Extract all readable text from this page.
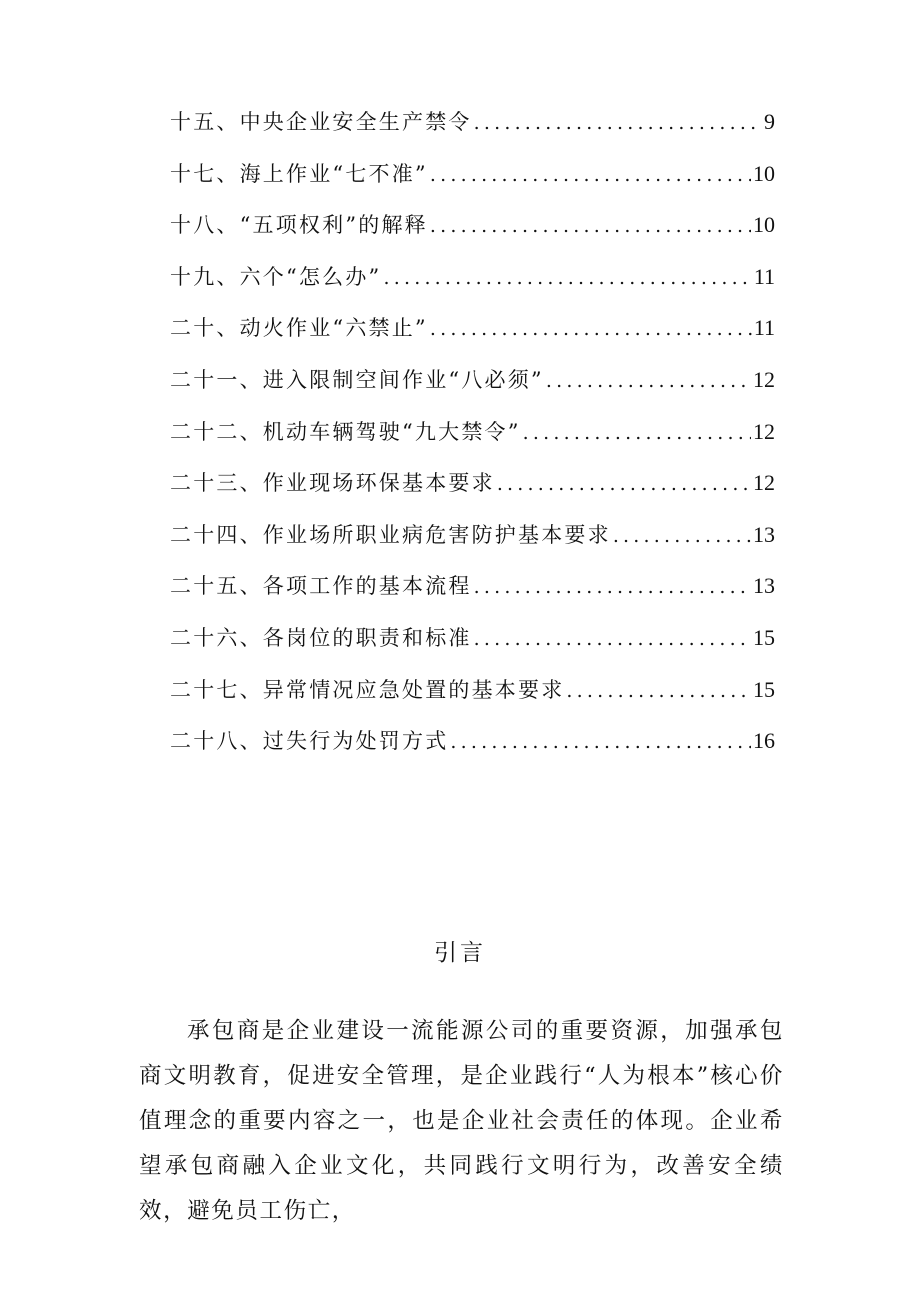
十五、中央企业安全生产禁令 .....	9
十七、海上作业“七不准” .....	10
十八、“五项权利”的解释 .....	10
十九、六个“怎么办” .....	11
二十、动火作业“六禁止” .....	11
二十一、进入限制空间作业“八必须” .....	12
二十二、机动车辆驾驶“九大禁令” .....	12
二十三、作业现场环保基本要求 .....	12
二十四、作业场所职业病危害防护基本要求 .....	13
二十五、各项工作的基本流程 .....	13
二十六、各岗位的职责和标准 .....	15
二十七、异常情况应急处置的基本要求 .....	15
二十八、过失行为处罚方式 .....	16
引言

承包商是企业建设一流能源公司的重要资源，加强承包商文明教育，促进安全管理，是企业践行“人为根本”核心价值理念的重要内容之一，也是企业社会责任的体现。企业希望承包商融入企业文化，共同践行文明行为，改善安全绩效，避免员工伤亡，
